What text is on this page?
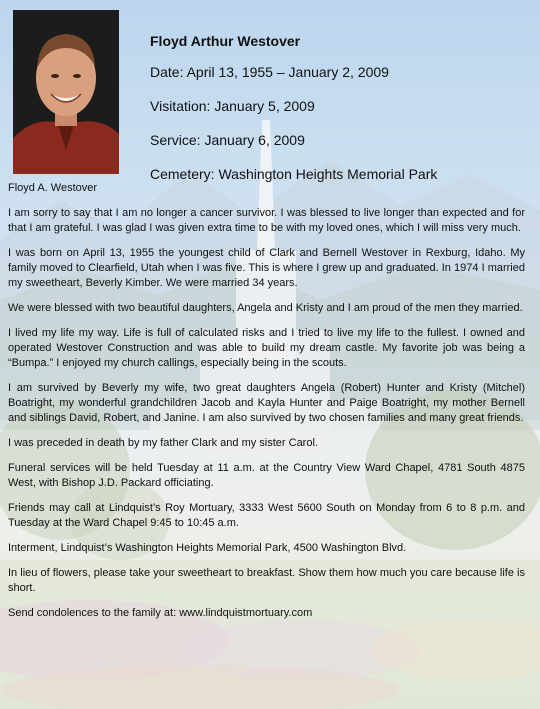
Floyd Arthur Westover
Date: April 13, 1955 – January 2, 2009
Visitation: January 5, 2009
Service: January 6, 2009
Cemetery: Washington Heights Memorial Park

Floyd A. Westover

I am sorry to say that I am no longer a cancer survivor. I was blessed to live longer than expected and for that I am grateful. I was glad I was given extra time to be with my loved ones, which I will miss very much.

I was born on April 13, 1955 the youngest child of Clark and Bernell Westover in Rexburg, Idaho. My family moved to Clearfield, Utah when I was five. This is where I grew up and graduated. In 1974 I married my sweetheart, Beverly Kimber. We were married 34 years.

We were blessed with two beautiful daughters, Angela and Kristy and I am proud of the men they married.

I lived my life my way. Life is full of calculated risks and I tried to live my life to the fullest. I owned and operated Westover Construction and was able to build my dream castle. My favorite job was being a “Bumpa.” I enjoyed my church callings, especially being in the scouts.

I am survived by Beverly my wife, two great daughters Angela (Robert) Hunter and Kristy (Mitchel) Boatright, my wonderful grandchildren Jacob and Kayla Hunter and Paige Boatright, my mother Bernell and siblings David, Robert, and Janine. I am also survived by two chosen families and many great friends.

I was preceded in death by my father Clark and my sister Carol.

Funeral services will be held Tuesday at 11 a.m. at the Country View Ward Chapel, 4781 South 4875 West, with Bishop J.D. Packard officiating.

Friends may call at Lindquist’s Roy Mortuary, 3333 West 5600 South on Monday from 6 to 8 p.m. and Tuesday at the Ward Chapel 9:45 to 10:45 a.m.

Interment, Lindquist’s Washington Heights Memorial Park, 4500 Washington Blvd.

In lieu of flowers, please take your sweetheart to breakfast. Show them how much you care because life is short.

Send condolences to the family at: www.lindquistmortuary.com
